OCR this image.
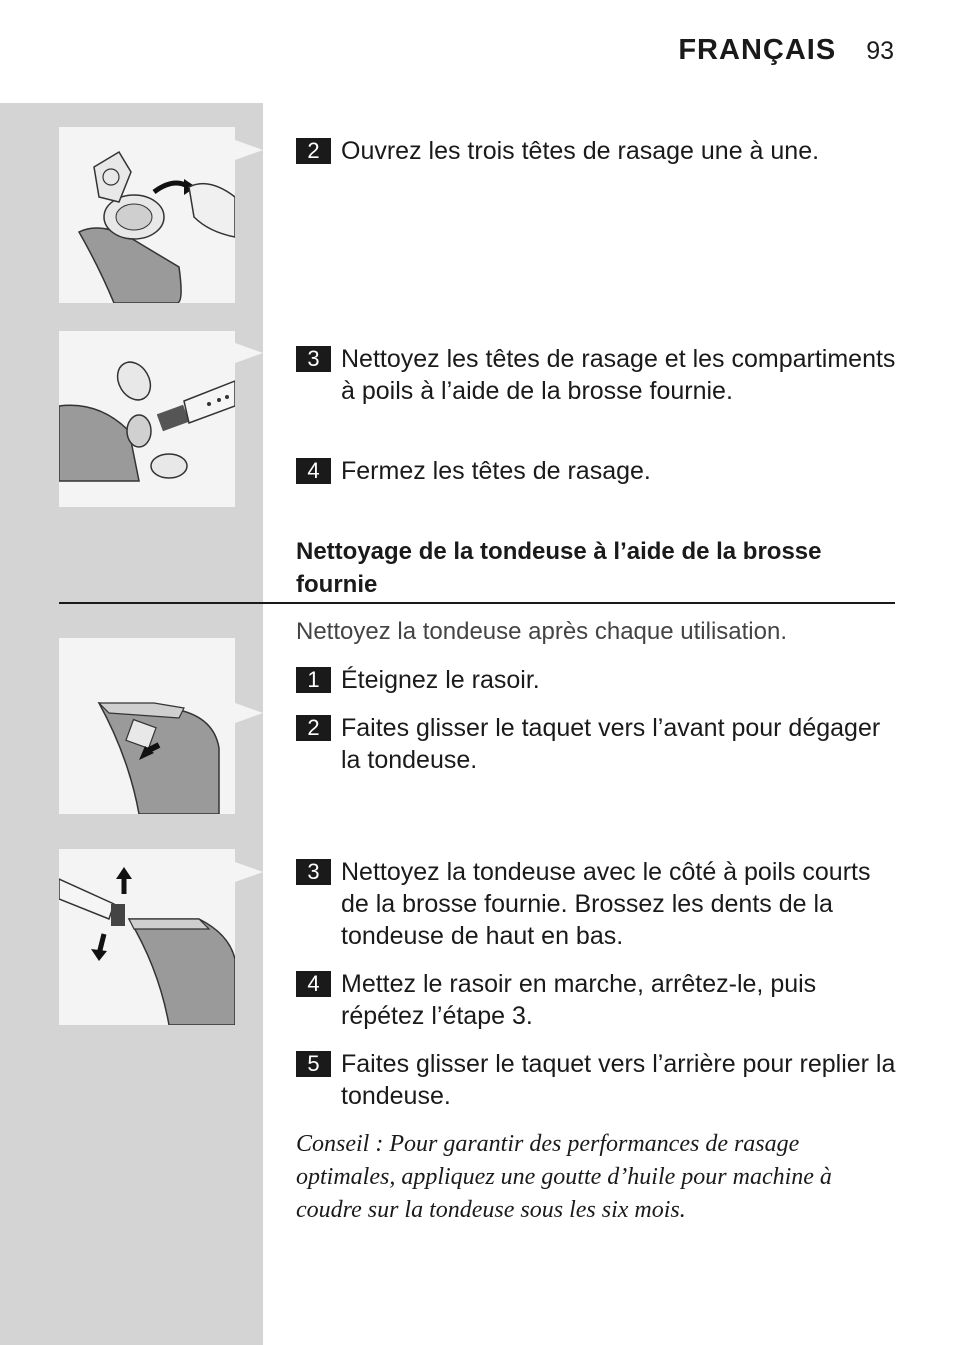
FRANÇAIS 93
2 Ouvrez les trois têtes de rasage une à une.
3 Nettoyez les têtes de rasage et les compartiments à poils à l’aide de la brosse fournie.
4 Fermez les têtes de rasage.
Nettoyage de la tondeuse à l’aide de la brosse fournie
Nettoyez la tondeuse après chaque utilisation.
1 Éteignez le rasoir.
2 Faites glisser le taquet vers l’avant pour dégager la tondeuse.
3 Nettoyez la tondeuse avec le côté à poils courts de la brosse fournie. Brossez les dents de la tondeuse de haut en bas.
4 Mettez le rasoir en marche, arrêtez-le, puis répétez l’étape 3.
5 Faites glisser le taquet vers l’arrière pour replier la tondeuse.
Conseil : Pour garantir des performances de rasage optimales, appliquez une goutte d’huile pour machine à coudre sur la tondeuse sous les six mois.
